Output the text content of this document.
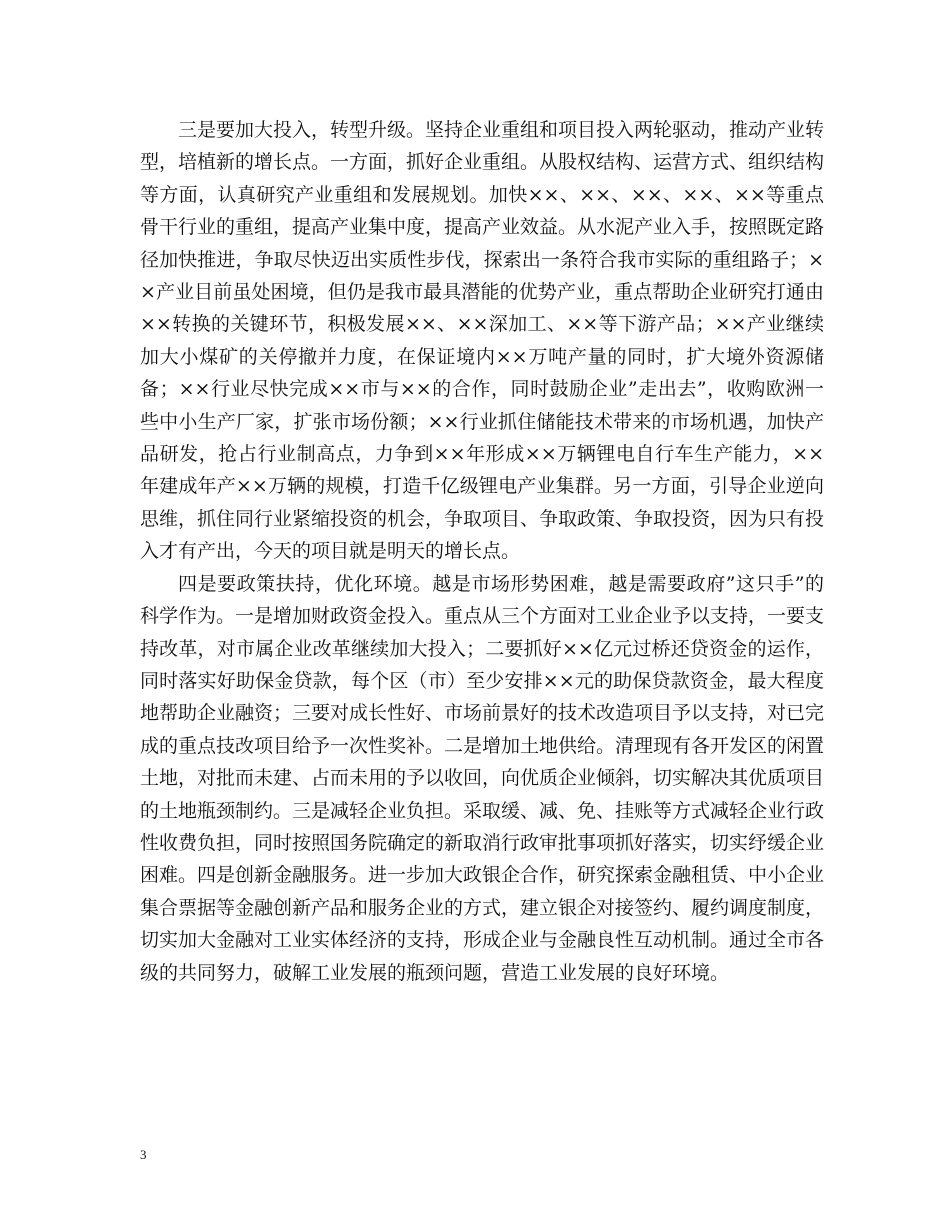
三是要加大投入，转型升级。坚持企业重组和项目投入两轮驱动，推动产业转型，培植新的增长点。一方面，抓好企业重组。从股权结构、运营方式、组织结构等方面，认真研究产业重组和发展规划。加快××、××、××、××、××等重点骨干行业的重组，提高产业集中度，提高产业效益。从水泥产业入手，按照既定路径加快推进，争取尽快迈出实质性步伐，探索出一条符合我市实际的重组路子；××产业目前虽处困境，但仍是我市最具潜能的优势产业，重点帮助企业研究打通由××转换的关键环节，积极发展××、××深加工、××等下游产品；××产业继续加大小煤矿的关停撤并力度，在保证境内××万吨产量的同时，扩大境外资源储备；××行业尽快完成××市与××的合作，同时鼓励企业”走出去”，收购欧洲一些中小生产厂家，扩张市场份额；××行业抓住储能技术带来的市场机遇，加快产品研发，抢占行业制高点，力争到××年形成××万辆锂电自行车生产能力，××年建成年产××万辆的规模，打造千亿级锂电产业集群。另一方面，引导企业逆向思维，抓住同行业紧缩投资的机会，争取项目、争取政策、争取投资，因为只有投入才有产出，今天的项目就是明天的增长点。

四是要政策扶持，优化环境。越是市场形势困难，越是需要政府”这只手”的科学作为。一是增加财政资金投入。重点从三个方面对工业企业予以支持，一要支持改革，对市属企业改革继续加大投入；二要抓好××亿元过桥还贷资金的运作，同时落实好助保金贷款，每个区（市）至少安排××元的助保贷款资金，最大程度地帮助企业融资；三要对成长性好、市场前景好的技术改造项目予以支持，对已完成的重点技改项目给予一次性奖补。二是增加土地供给。清理现有各开发区的闲置土地，对批而未建、占而未用的予以收回，向优质企业倾斜，切实解决其优质项目的土地瓶颈制约。三是减轻企业负担。采取缓、减、免、挂账等方式减轻企业行政性收费负担，同时按照国务院确定的新取消行政审批事项抓好落实，切实纾缓企业困难。四是创新金融服务。进一步加大政银企合作，研究探索金融租赁、中小企业集合票据等金融创新产品和服务企业的方式，建立银企对接签约、履约调度制度，切实加大金融对工业实体经济的支持，形成企业与金融良性互动机制。通过全市各级的共同努力，破解工业发展的瓶颈问题，营造工业发展的良好环境。

3
